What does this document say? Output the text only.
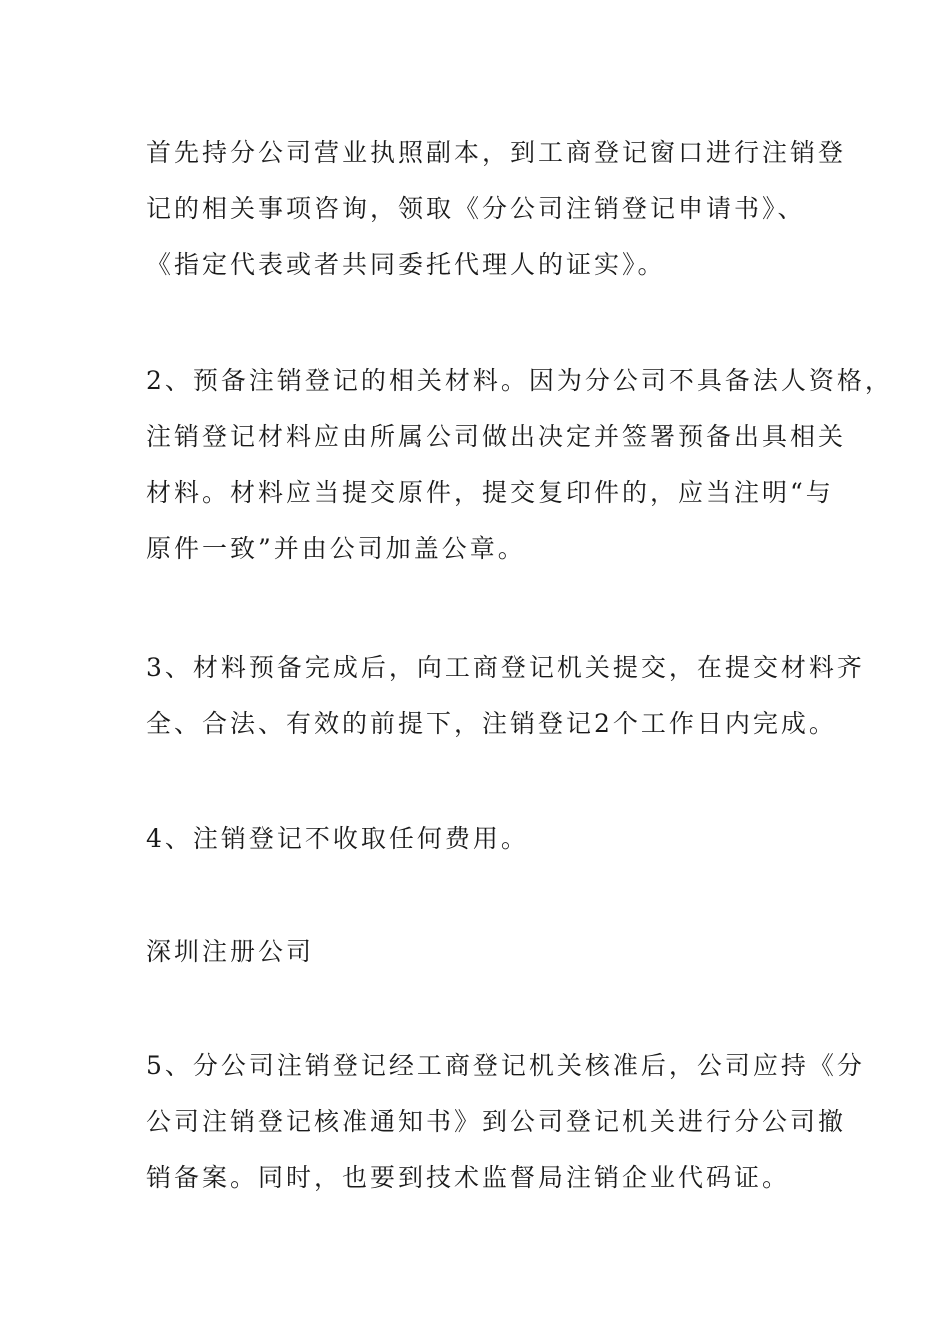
首先持分公司营业执照副本，到工商登记窗口进行注销登
记的相关事项咨询，领取《分公司注销登记申请书》、
《指定代表或者共同委托代理人的证实》。

2、预备注销登记的相关材料。因为分公司不具备法人资格，
注销登记材料应由所属公司做出决定并签署预备出具相关
材料。材料应当提交原件，提交复印件的，应当注明“与
原件一致”并由公司加盖公章。

3、材料预备完成后，向工商登记机关提交，在提交材料齐
全、合法、有效的前提下，注销登记2个工作日内完成。

4、注销登记不收取任何费用。

深圳注册公司

5、分公司注销登记经工商登记机关核准后，公司应持《分
公司注销登记核准通知书》到公司登记机关进行分公司撤
销备案。同时，也要到技术监督局注销企业代码证。
